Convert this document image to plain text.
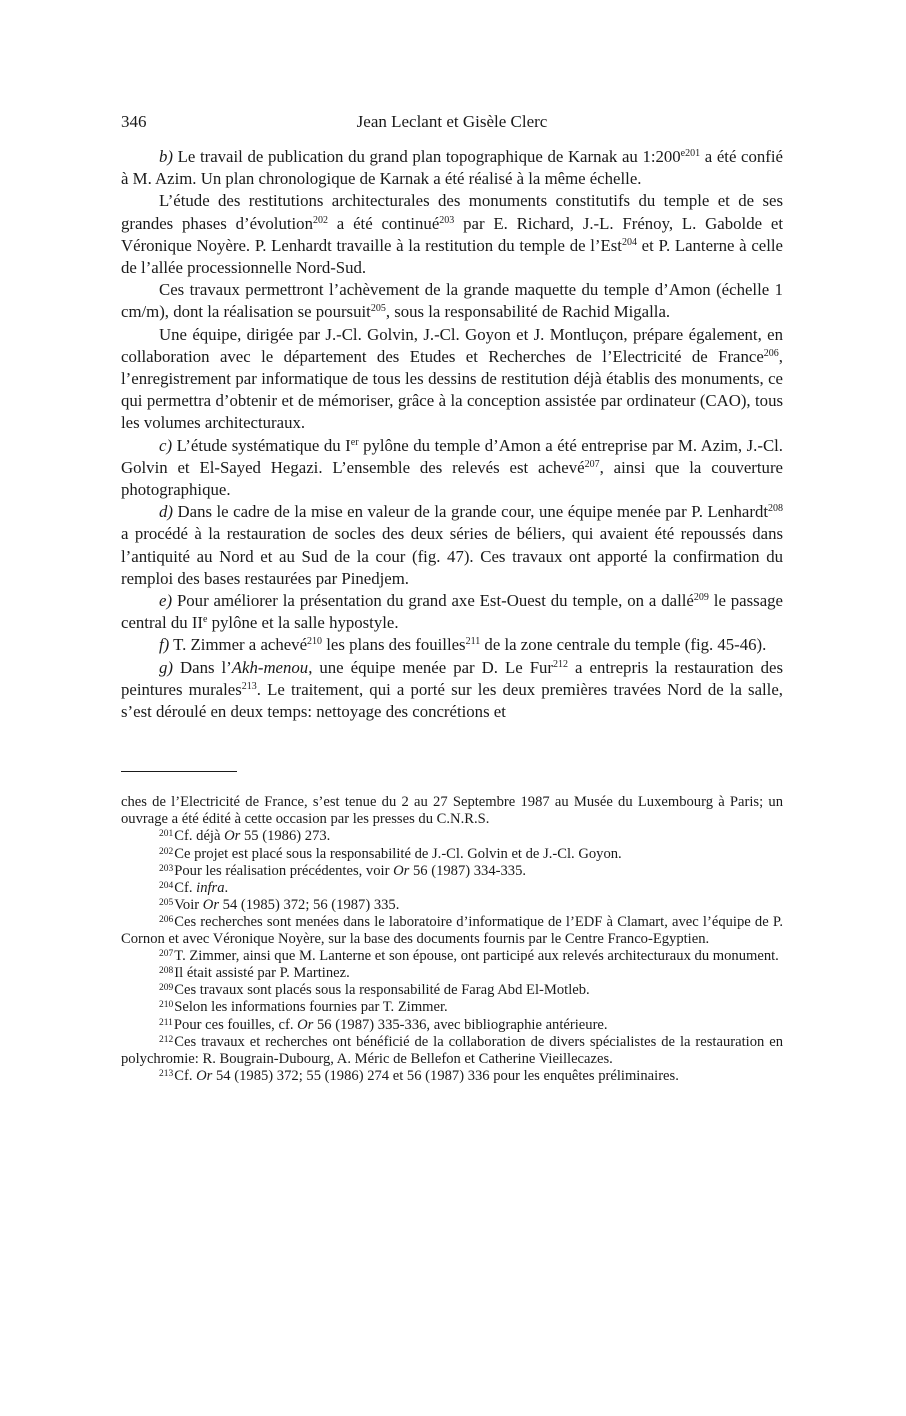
346	Jean Leclant et Gisèle Clerc

b) Le travail de publication du grand plan topographique de Karnak au $1:200^{e201}$ a été confié à M. Azim. Un plan chronologique de Karnak a été réalisé à la même échelle.

L’étude des restitutions architecturales des monuments constitutifs du temple et de ses grandes phases d’évolution$^{202}$ a été continué$^{203}$ par E. Richard, J.-L. Frénoy, L. Gabolde et Véronique Noyère. P. Lenhardt travaille à la restitution du temple de l’Est$^{204}$ et P. Lanterne à celle de l’allée processionnelle Nord-Sud.

Ces travaux permettront l’achèvement de la grande maquette du temple d’Amon (échelle 1 cm/m), dont la réalisation se poursuit$^{205}$, sous la responsabilité de Rachid Migalla.

Une équipe, dirigée par J.-Cl. Golvin, J.-Cl. Goyon et J. Montluçon, prépare également, en collaboration avec le département des Etudes et Recherches de l’Electricité de France$^{206}$, l’enregistrement par informatique de tous les dessins de restitution déjà établis des monuments, ce qui permettra d’obtenir et de mémoriser, grâce à la conception assistée par ordinateur (CAO), tous les volumes architecturaux.

c) L’étude systématique du Ier pylône du temple d’Amon a été entreprise par M. Azim, J.-Cl. Golvin et El-Sayed Hegazi. L’ensemble des relevés est achevé$^{207}$, ainsi que la couverture photographique.

d) Dans le cadre de la mise en valeur de la grande cour, une équipe menée par P. Lenhardt$^{208}$ a procédé à la restauration de socles des deux séries de béliers, qui avaient été repoussés dans l’antiquité au Nord et au Sud de la cour (fig. 47). Ces travaux ont apporté la confirmation du remploi des bases restaurées par Pinedjem.

e) Pour améliorer la présentation du grand axe Est-Ouest du temple, on a dallé$^{209}$ le passage central du IIe pylône et la salle hypostyle.

f) T. Zimmer a achevé$^{210}$ les plans des fouilles$^{211}$ de la zone centrale du temple (fig. 45-46).

g) Dans l’Akh-menou, une équipe menée par D. Le Fur$^{212}$ a entrepris la restauration des peintures murales$^{213}$. Le traitement, qui a porté sur les deux premières travées Nord de la salle, s’est déroulé en deux temps: nettoyage des concrétions et

ches de l’Electricité de France, s’est tenue du 2 au 27 Septembre 1987 au Musée du Luxembourg à Paris; un ouvrage a été édité à cette occasion par les presses du C.N.R.S.

$^{201}$Cf. déjà Or 55 (1986) 273.

$^{202}$Ce projet est placé sous la responsabilité de J.-Cl. Golvin et de J.-Cl. Goyon.

$^{203}$Pour les réalisation précédentes, voir Or 56 (1987) 334-335.

$^{204}$Cf. infra.

$^{205}$Voir Or 54 (1985) 372; 56 (1987) 335.

$^{206}$Ces recherches sont menées dans le laboratoire d’informatique de l’EDF à Clamart, avec l’équipe de P. Cornon et avec Véronique Noyère, sur la base des documents fournis par le Centre Franco-Egyptien.

$^{207}$T. Zimmer, ainsi que M. Lanterne et son épouse, ont participé aux relevés architecturaux du monument.

$^{208}$Il était assisté par P. Martinez.

$^{209}$Ces travaux sont placés sous la responsabilité de Farag Abd El-Motleb.

$^{210}$Selon les informations fournies par T. Zimmer.

$^{211}$Pour ces fouilles, cf. Or 56 (1987) 335-336, avec bibliographie antérieure.

$^{212}$Ces travaux et recherches ont bénéficié de la collaboration de divers spécialistes de la restauration en polychromie: R. Bougrain-Dubourg, A. Méric de Bellefon et Catherine Vieillecazes.

$^{213}$Cf. Or 54 (1985) 372; 55 (1986) 274 et 56 (1987) 336 pour les enquêtes préliminaires.
